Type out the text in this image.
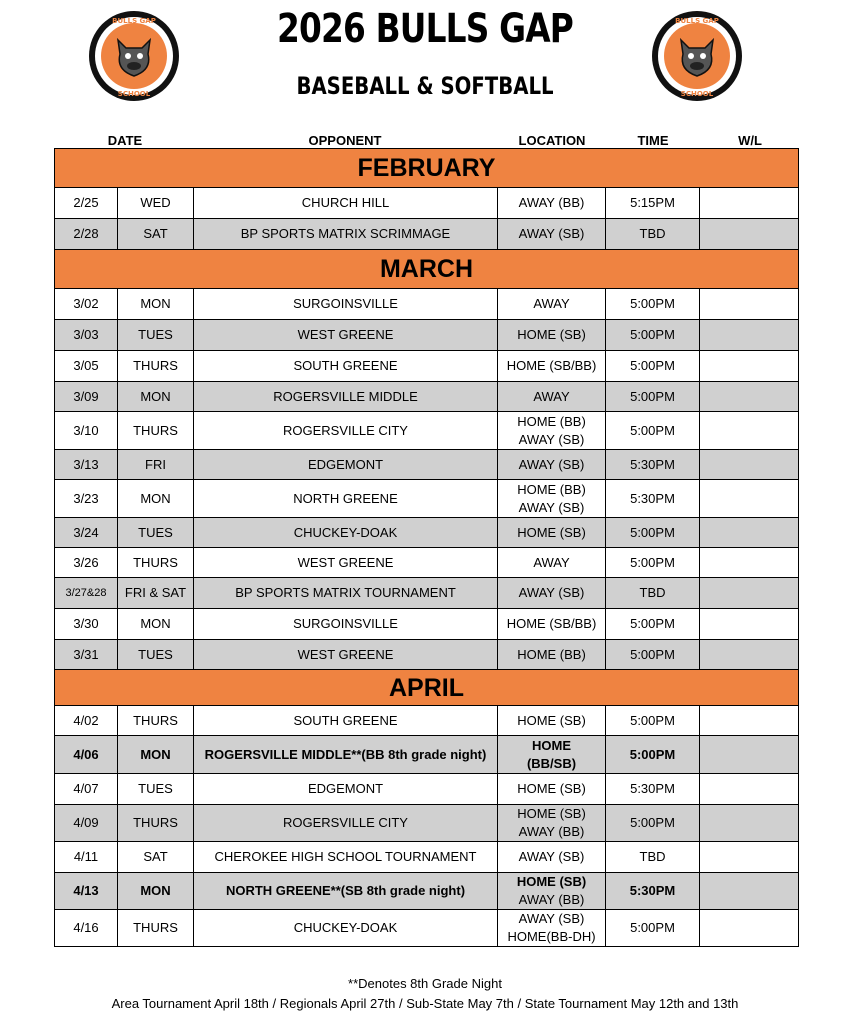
BULLS GAP
SCHOOL
BULLS GAP
SCHOOL
2026 BULLS GAP
BASEBALL & SOFTBALL
DATE	OPPONENT	LOCATION	TIME	W/L
FEBRUARY					
2/25	WED	CHURCH HILL	AWAY (BB)	5:15PM	
2/28	SAT	BP SPORTS MATRIX SCRIMMAGE	AWAY (SB)	TBD	
MARCH					
3/02	MON	SURGOINSVILLE	AWAY	5:00PM	
3/03	TUES	WEST GREENE	HOME (SB)	5:00PM	
3/05	THURS	SOUTH GREENE	HOME (SB/BB)	5:00PM	
3/09	MON	ROGERSVILLE MIDDLE	AWAY	5:00PM	
3/10	THURS	ROGERSVILLE CITY	HOME (BB)
AWAY (SB)	5:00PM	
3/13	FRI	EDGEMONT	AWAY (SB)	5:30PM	
3/23	MON	NORTH GREENE	HOME (BB)
AWAY (SB)	5:30PM	
3/24	TUES	CHUCKEY-DOAK	HOME (SB)	5:00PM	
3/26	THURS	WEST GREENE	AWAY	5:00PM	
3/27&28	FRI & SAT	BP SPORTS MATRIX TOURNAMENT	AWAY (SB)	TBD	
3/30	MON	SURGOINSVILLE	HOME (SB/BB)	5:00PM	
3/31	TUES	WEST GREENE	HOME (BB)	5:00PM	
APRIL					
4/02	THURS	SOUTH GREENE	HOME (SB)	5:00PM	
4/06	MON	ROGERSVILLE MIDDLE**(BB 8th grade night)	HOME
(BB/SB)	5:00PM	
4/07	TUES	EDGEMONT	HOME (SB)	5:30PM	
4/09	THURS	ROGERSVILLE CITY	HOME (SB)
AWAY (BB)	5:00PM	
4/11	SAT	CHEROKEE HIGH SCHOOL TOURNAMENT	AWAY (SB)	TBD	
4/13	MON	NORTH GREENE**(SB 8th grade night)	HOME (SB)
AWAY (BB)	5:30PM	
4/16	THURS	CHUCKEY-DOAK	AWAY (SB)
HOME(BB-DH)	5:00PM	
**Denotes 8th Grade Night
Area Tournament April 18th / Regionals April 27th / Sub-State May 7th / State Tournament May 12th and 13th
